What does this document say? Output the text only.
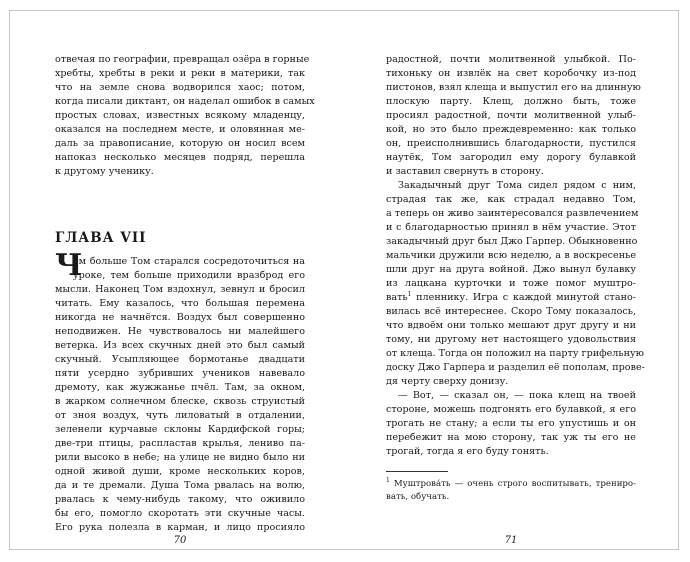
отвечая по географии, превращал озёра в горные
хребты, хребты в реки и реки в материки, так
что на земле снова водворился хаос; потом,
когда писали диктант, он наделал ошибок в самых
простых словах, известных всякому младенцу,
оказался на последнем месте, и оловянная ме-
даль за правописание, которую он носил всем
напоказ несколько месяцев подряд, перешла
к другому ученику.
ГЛАВА VII
Ч
ем больше Том старался сосредоточиться на
уроке, тем больше приходили вразброд его
мысли. Наконец Том вздохнул, зевнул и бросил
читать. Ему казалось, что большая перемена
никогда не начнётся. Воздух был совершенно
неподвижен. Не чувствовалось ни малейшего
ветерка. Из всех скучных дней это был самый
скучный. Усыпляющее бормотанье двадцати
пяти усердно зубривших учеников навевало
дремоту, как жужжанье пчёл. Там, за окном,
в жарком солнечном блеске, сквозь струистый
от зноя воздух, чуть лиловатый в отдалении,
зеленели курчавые склоны Кардифской горы;
две-три птицы, распластав крылья, лениво па-
рили высоко в небе; на улице не видно было ни
одной живой души, кроме нескольких коров,
да и те дремали. Душа Тома рвалась на волю,
рвалась к чему-нибудь такому, что оживило
бы его, помогло скоротать эти скучные часы.
Его рука полезла в карман, и лицо просияло
70
радостной, почти молитвенной улыбкой. По-
тихоньку он извлёк на свет коробочку из-под
пистонов, взял клеща и выпустил его на длинную
плоскую парту. Клещ, должно быть, тоже
просиял радостной, почти молитвенной улыб-
кой, но это было преждевременно: как только
он, преисполнившись благодарности, пустился
наутёк, Том загородил ему дорогу булавкой
и заставил свернуть в сторону.
Закадычный друг Тома сидел рядом с ним,
страдая так же, как страдал недавно Том,
а теперь он живо заинтересовался развлечением
и с благодарностью принял в нём участие. Этот
закадычный друг был Джо Гарпер. Обыкновенно
мальчики дружили всю неделю, а в воскресенье
шли друг на друга войной. Джо вынул булавку
из лацкана курточки и тоже помог муштро-
вать$^1$ пленнику. Игра с каждой минутой стано-
вилась всё интереснее. Скоро Тому показалось,
что вдвоём они только мешают друг другу и ни
тому, ни другому нет настоящего удовольствия
от клеща. Тогда он положил на парту грифельную
доску Джо Гарпера и разделил её пополам, прове-
дя черту сверху донизу.
— Вот, — сказал он, — пока клещ на твоей
стороне, можешь подгонять его булавкой, я его
трогать не стану; а если ты его упустишь и он
перебежит на мою сторону, так уж ты его не
трогай, тогда я его буду гонять.
$^1$ Муштрова́ть — очень строго воспитывать, трениро-
вать, обучать.
71
